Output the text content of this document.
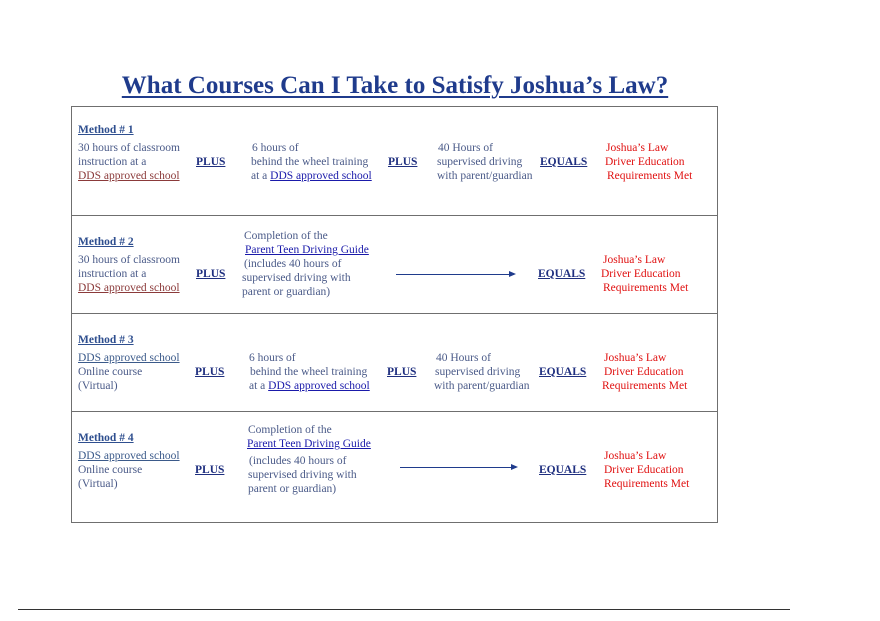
What Courses Can I Take to Satisfy Joshua’s Law?
Method # 1
30 hours of classroom
instruction at a
DDS approved school
PLUS
6 hours of
behind the wheel training
at a DDS approved school
PLUS
40 Hours of
supervised driving
with parent/guardian
EQUALS
Joshua’s Law
Driver Education
Requirements Met
Method # 2
30 hours of classroom
instruction at a
DDS approved school
PLUS
Completion of the
Parent Teen Driving Guide
(includes 40 hours of
supervised driving with
parent or guardian)
EQUALS
Joshua’s Law
Driver Education
Requirements Met
Method # 3
DDS approved school
Online course
(Virtual)
PLUS
6 hours of
behind the wheel training
at a DDS approved school
PLUS
40 Hours of
supervised driving
with parent/guardian
EQUALS
Joshua’s Law
Driver Education
Requirements Met
Method # 4
DDS approved school
Online course
(Virtual)
PLUS
Completion of the
Parent Teen Driving Guide
(includes 40 hours of
supervised driving with
parent or guardian)
EQUALS
Joshua’s Law
Driver Education
Requirements Met
